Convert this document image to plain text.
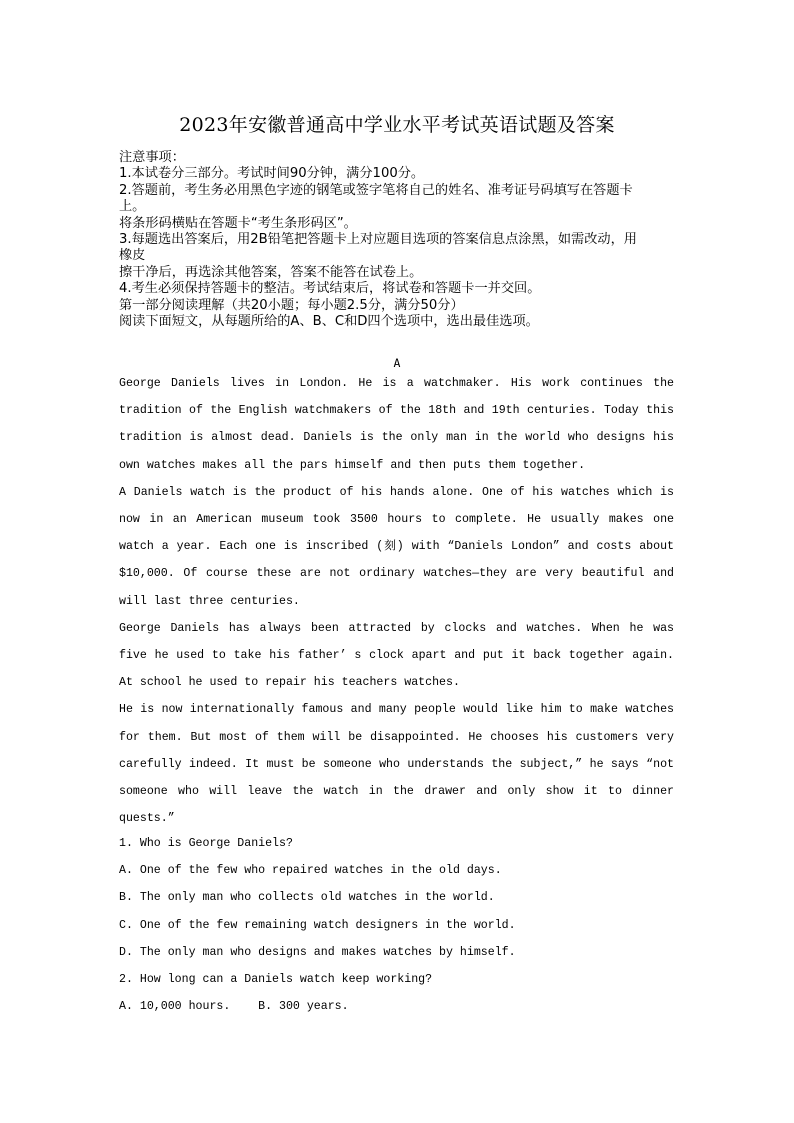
2023年安徽普通高中学业水平考试英语试题及答案
注意事项：
1.本试卷分三部分。考试时间90分钟，满分100分。
2.答题前，考生务必用黑色字迹的钢笔或签字笔将自己的姓名、准考证号码填写在答题卡
上。
将条形码横贴在答题卡“考生条形码区”。
3.每题选出答案后，用2B铅笔把答题卡上对应题目选项的答案信息点涂黑，如需改动，用
橡皮
擦干净后，再选涂其他答案，答案不能答在试卷上。
4.考生必须保持答题卡的整洁。考试结束后，将试卷和答题卡一并交回。
第一部分阅读理解（共20小题；每小题2.5分，满分50分）
阅读下面短文，从每题所给的A、B、C和D四个选项中，选出最佳选项。
A

George Daniels lives in London. He is a watchmaker. His work continues the tradition of the English watchmakers of the 18th and 19th centuries. Today this tradition is almost dead. Daniels is the only man in the world who designs his own watches makes all the pars himself and then puts them together.

A Daniels watch is the product of his hands alone. One of his watches which is now in an American museum took 3500 hours to complete. He usually makes one watch a year. Each one is inscribed (刻) with “Daniels London” and costs about $10,000. Of course these are not ordinary watches—they are very beautiful and will last three centuries.

George Daniels has always been attracted by clocks and watches. When he was five he used to take his father’ s clock apart and put it back together again. At school he used to repair his teachers watches.

He is now internationally famous and many people would like him to make watches for them. But most of them will be disappointed. He chooses his customers very carefully indeed. It must be someone who understands the subject,” he says “not someone who will leave the watch in the drawer and only show it to dinner quests.”

1. Who is George Daniels?
A. One of the few who repaired watches in the old days.
B. The only man who collects old watches in the world.
C. One of the few remaining watch designers in the world.
D. The only man who designs and makes watches by himself.
2. How long can a Daniels watch keep working?
A. 10,000 hours.    B. 300 years.
